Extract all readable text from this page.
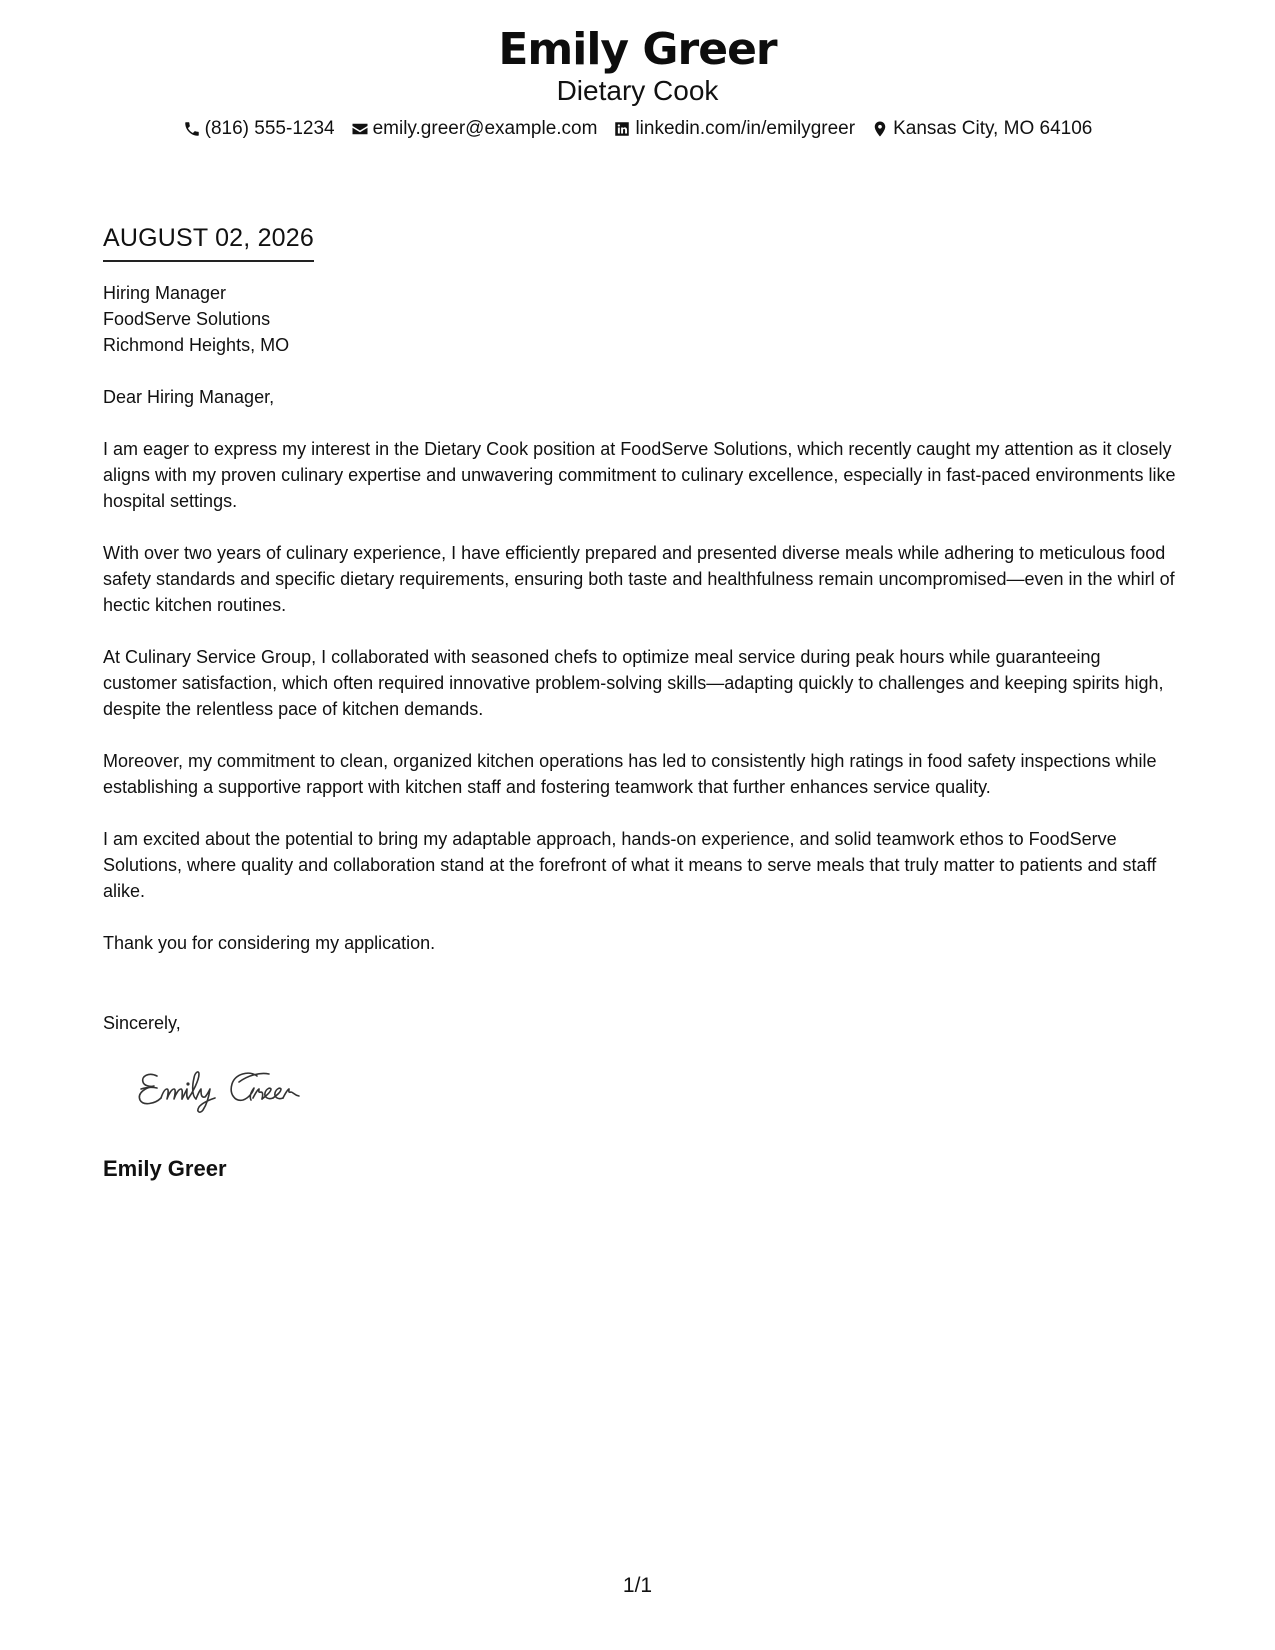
Emily Greer
Dietary Cook
(816) 555-1234 emily.greer@example.com linkedin.com/in/emilygreer Kansas City, MO 64106
AUGUST 02, 2026
Hiring Manager
FoodServe Solutions
Richmond Heights, MO
Dear Hiring Manager,
I am eager to express my interest in the Dietary Cook position at FoodServe Solutions, which recently caught my attention as it closely aligns with my proven culinary expertise and unwavering commitment to culinary excellence, especially in fast-paced environments like hospital settings.
With over two years of culinary experience, I have efficiently prepared and presented diverse meals while adhering to meticulous food safety standards and specific dietary requirements, ensuring both taste and healthfulness remain uncompromised—even in the whirl of hectic kitchen routines.
At Culinary Service Group, I collaborated with seasoned chefs to optimize meal service during peak hours while guaranteeing customer satisfaction, which often required innovative problem-solving skills—adapting quickly to challenges and keeping spirits high, despite the relentless pace of kitchen demands.
Moreover, my commitment to clean, organized kitchen operations has led to consistently high ratings in food safety inspections while establishing a supportive rapport with kitchen staff and fostering teamwork that further enhances service quality.
I am excited about the potential to bring my adaptable approach, hands-on experience, and solid teamwork ethos to FoodServe Solutions, where quality and collaboration stand at the forefront of what it means to serve meals that truly matter to patients and staff alike.
Thank you for considering my application.
Sincerely,
Emily Greer
1/1
